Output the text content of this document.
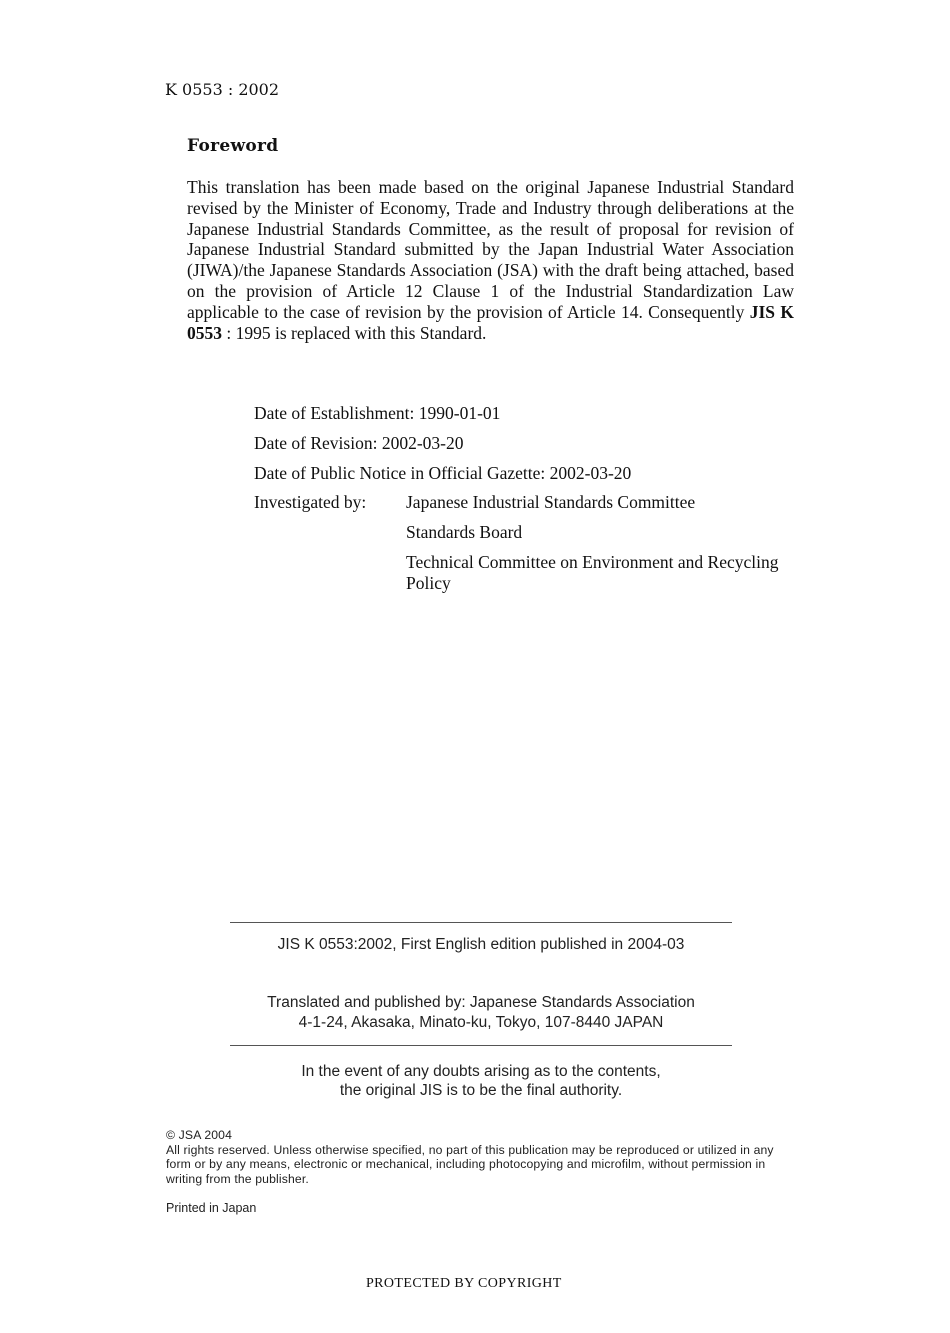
K 0553 : 2002
Foreword
This translation has been made based on the original Japanese Industrial Standard revised by the Minister of Economy, Trade and Industry through deliberations at the Japanese Industrial Standards Committee, as the result of proposal for revision of Japanese Industrial Standard submitted by the Japan Industrial Water Association (JIWA)/the Japanese Standards Association (JSA) with the draft being attached, based on the provision of Article 12 Clause 1 of the Industrial Standardization Law applicable to the case of revision by the provision of Article 14. Consequently JIS K 0553 : 1995 is replaced with this Standard.
Date of Establishment: 1990-01-01
Date of Revision: 2002-03-20
Date of Public Notice in Official Gazette: 2002-03-20
Investigated by:	Japanese Industrial Standards Committee
Standards Board
Technical Committee on Environment and Recycling Policy
JIS K 0553:2002, First English edition published in 2004-03
Translated and published by: Japanese Standards Association
4-1-24, Akasaka, Minato-ku, Tokyo, 107-8440 JAPAN
In the event of any doubts arising as to the contents,
the original JIS is to be the final authority.
© JSA 2004
All rights reserved. Unless otherwise specified, no part of this publication may be reproduced or utilized in any form or by any means, electronic or mechanical, including photocopying and microfilm, without permission in writing from the publisher.
Printed in Japan
PROTECTED BY COPYRIGHT
